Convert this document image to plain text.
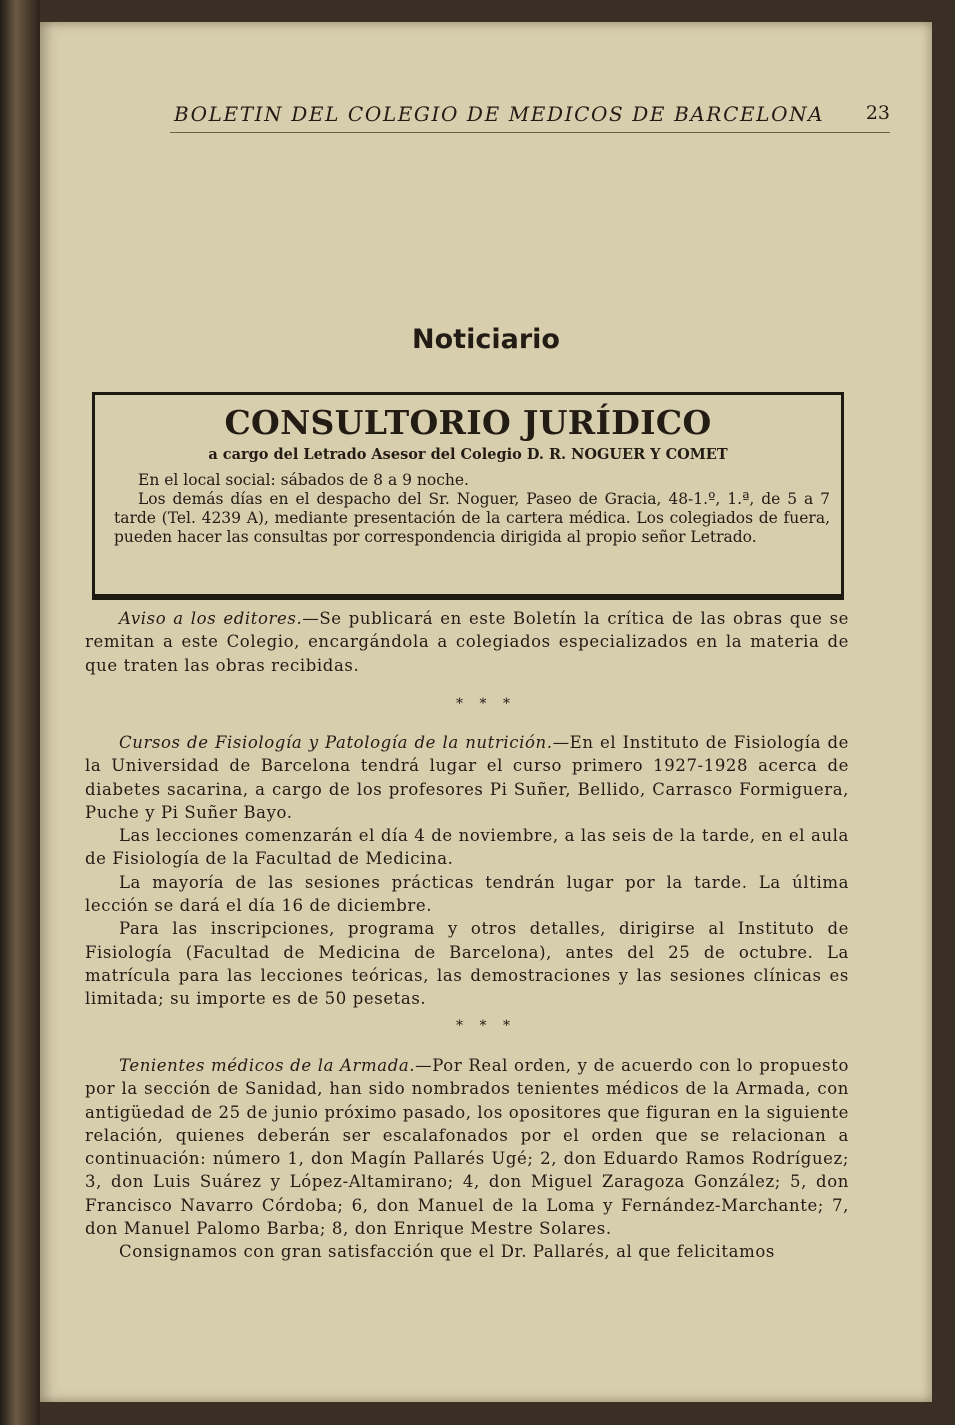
BOLETIN DEL COLEGIO DE MEDICOS DE BARCELONA 23
Noticiario
CONSULTORIO JURÍDICO
a cargo del Letrado Asesor del Colegio D. R. NOGUER Y COMET

En el local social: sábados de 8 a 9 noche.

Los demás días en el despacho del Sr. Noguer, Paseo de Gracia, 48-1.º, 1.ª, de 5 a 7 tarde (Tel. 4239 A), mediante presentación de la cartera médica. Los colegiados de fuera, pueden hacer las consultas por correspondencia dirigida al propio señor Letrado.

Aviso a los editores.—Se publicará en este Boletín la crítica de las obras que se remitan a este Colegio, encargándola a colegiados especializados en la materia de que traten las obras recibidas.

* * *

Cursos de Fisiología y Patología de la nutrición.—En el Instituto de Fisiología de la Universidad de Barcelona tendrá lugar el curso primero 1927-1928 acerca de diabetes sacarina, a cargo de los profesores Pi Suñer, Bellido, Carrasco Formiguera, Puche y Pi Suñer Bayo.

Las lecciones comenzarán el día 4 de noviembre, a las seis de la tarde, en el aula de Fisiología de la Facultad de Medicina.

La mayoría de las sesiones prácticas tendrán lugar por la tarde. La última lección se dará el día 16 de diciembre.

Para las inscripciones, programa y otros detalles, dirigirse al Instituto de Fisiología (Facultad de Medicina de Barcelona), antes del 25 de octubre. La matrícula para las lecciones teóricas, las demostraciones y las sesiones clínicas es limitada; su importe es de 50 pesetas.

* * *

Tenientes médicos de la Armada.—Por Real orden, y de acuerdo con lo propuesto por la sección de Sanidad, han sido nombrados tenientes médicos de la Armada, con antigüedad de 25 de junio próximo pasado, los opositores que figuran en la siguiente relación, quienes deberán ser escalafonados por el orden que se relacionan a continuación: número 1, don Magín Pallarés Ugé; 2, don Eduardo Ramos Rodríguez; 3, don Luis Suárez y López-Altamirano; 4, don Miguel Zaragoza González; 5, don Francisco Navarro Córdoba; 6, don Manuel de la Loma y Fernández-Marchante; 7, don Manuel Palomo Barba; 8, don Enrique Mestre Solares.

Consignamos con gran satisfacción que el Dr. Pallarés, al que felicitamos
